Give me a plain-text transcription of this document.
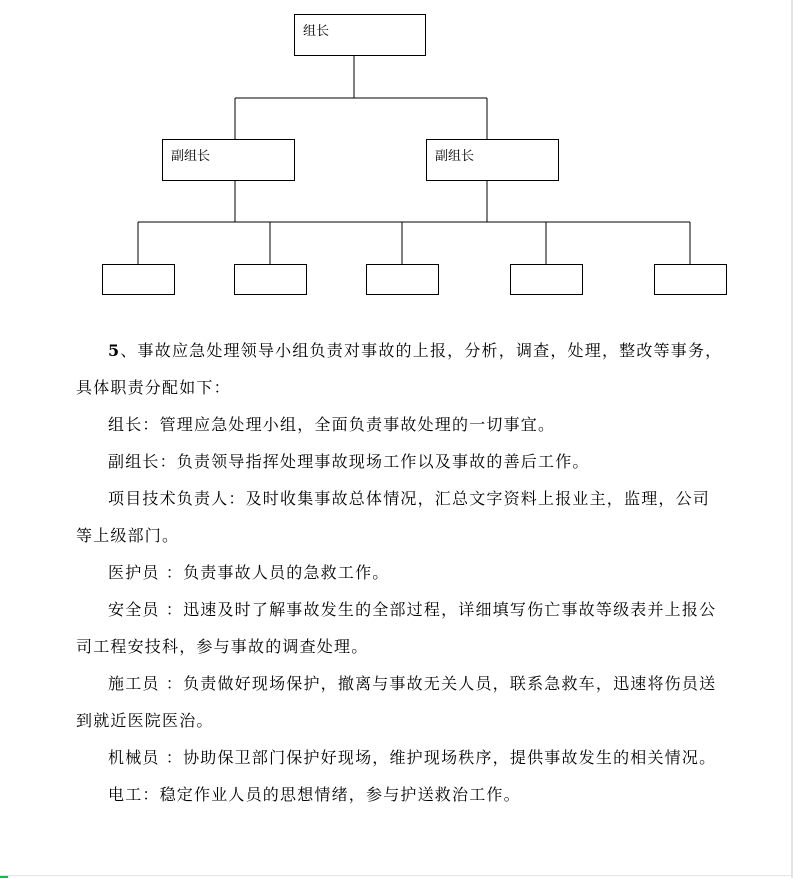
组长
副组长	副组长

5、事故应急处理领导小组负责对事故的上报，分析，调查，处理，整改等事务，具体职责分配如下：

组长：管理应急处理小组，全面负责事故处理的一切事宜。

副组长：负责领导指挥处理事故现场工作以及事故的善后工作。

项目技术负责人：及时收集事故总体情况，汇总文字资料上报业主，监理，公司等上级部门。

医护员 ：负责事故人员的急救工作。

安全员 ：迅速及时了解事故发生的全部过程，详细填写伤亡事故等级表并上报公司工程安技科，参与事故的调查处理。

施工员 ：负责做好现场保护，撤离与事故无关人员，联系急救车，迅速将伤员送到就近医院医治。

机械员 ：协助保卫部门保护好现场，维护现场秩序，提供事故发生的相关情况。

电工：稳定作业人员的思想情绪，参与护送救治工作。
